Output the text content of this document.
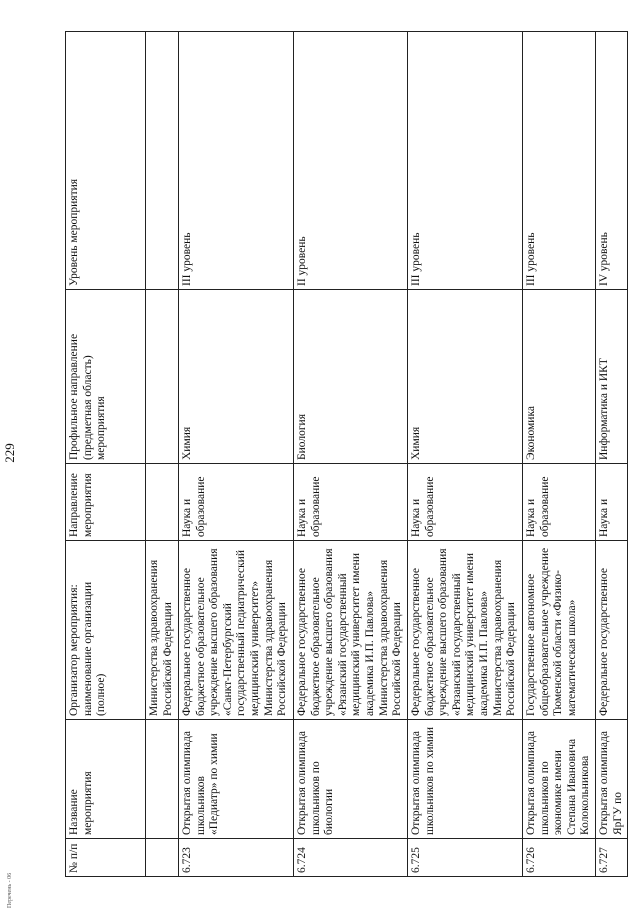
229
№ п/п	Название мероприятия	Организатор мероприятия: наименование организации (полное)	Направление мероприятия	Профильное направление (предметная область) мероприятия	Уровень мероприятия
		Министерства здравоохранения Российской Федерации			
6.723	Открытая олимпиада школьников «Педиатр» по химии	Федеральное государственное бюджетное образовательное учреждение высшего образования «Санкт-Петербургский государственный педиатрический медицинский университет» Министерства здравоохранения Российской Федерации	Наука и образование	Химия	III уровень
6.724	Открытая олимпиада школьников по биологии	Федеральное государственное бюджетное образовательное учреждение высшего образования «Рязанский государственный медицинский университет имени академика И.П. Павлова» Министерства здравоохранения Российской Федерации	Наука и образование	Биология	II уровень
6.725	Открытая олимпиада школьников по химии	Федеральное государственное бюджетное образовательное учреждение высшего образования «Рязанский государственный медицинский университет имени академика И.П. Павлова» Министерства здравоохранения Российской Федерации	Наука и образование	Химия	III уровень
6.726	Открытая олимпиада школьников по экономике имени Степана Ивановича Колокольникова	Государственное автономное общеобразовательное учреждение Тюменской области «Физико-математическая школа»	Наука и образование	Экономика	III уровень
6.727	Открытая олимпиада ЯрГУ по	Федеральное государственное	Наука и	Информатика и ИКТ	IV уровень
Перечень - 06
